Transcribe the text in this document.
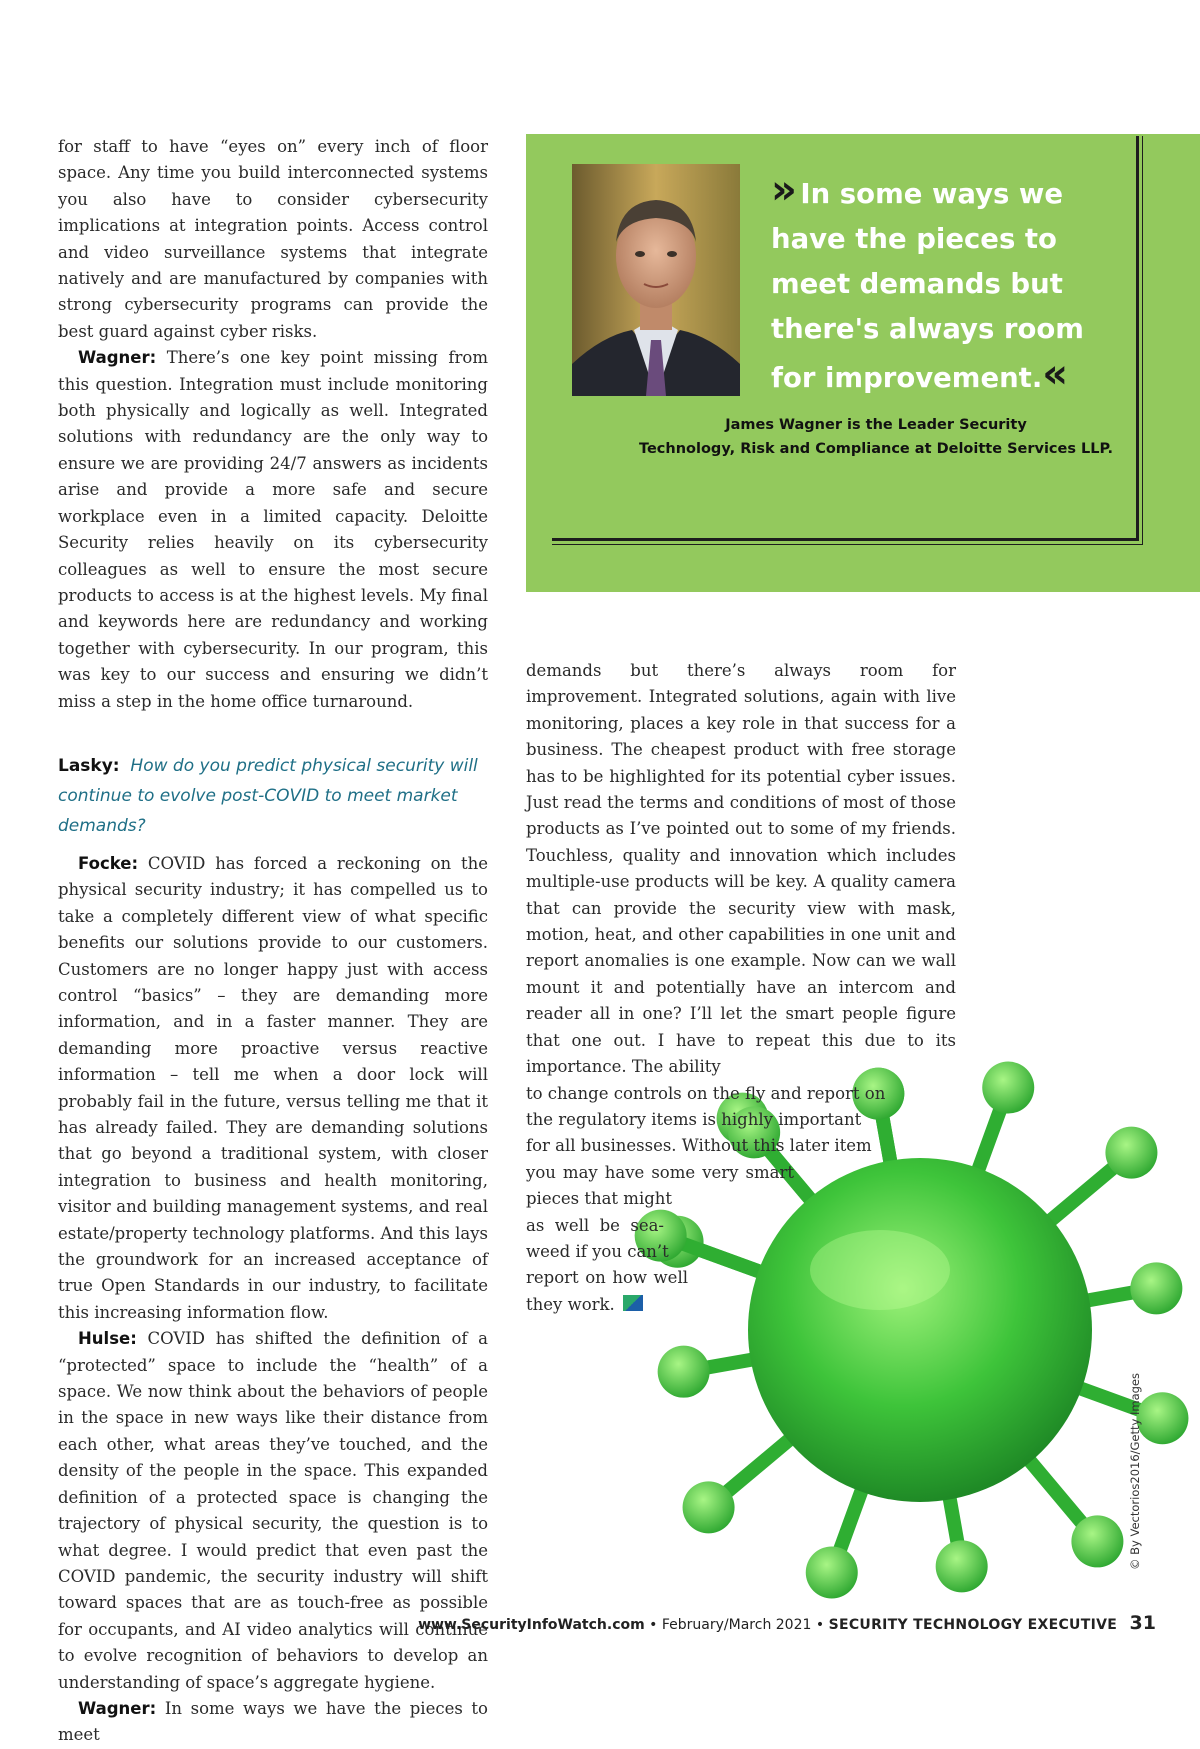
for staff to have “eyes on” every inch of floor space. Any time you build interconnected systems you also have to consider cybersecurity implications at integration points. Access control and video surveillance systems that integrate natively and are manufactured by companies with strong cybersecurity programs can provide the best guard against cyber risks.

Wagner: There’s one key point missing from this question. Integration must include monitoring both physically and logically as well. Integrated solutions with redundancy are the only way to ensure we are providing 24/7 answers as incidents arise and provide a more safe and secure workplace even in a limited capacity. Deloitte Security relies heavily on its cybersecurity colleagues as well to ensure the most secure products to access is at the highest levels. My final and keywords here are redundancy and working together with cybersecurity. In our program, this was key to our success and ensuring we didn’t miss a step in the home office turnaround.

Lasky: How do you predict physical security will continue to evolve post-COVID to meet market demands?

Focke: COVID has forced a reckoning on the physical security industry; it has compelled us to take a completely different view of what specific benefits our solutions provide to our customers. Customers are no longer happy just with access control “basics” – they are demanding more information, and in a faster manner. They are demanding more proactive versus reactive information – tell me when a door lock will probably fail in the future, versus telling me that it has already failed. They are demanding solutions that go beyond a traditional system, with closer integration to business and health monitoring, visitor and building management systems, and real estate/property technology platforms. And this lays the groundwork for an increased acceptance of true Open Standards in our industry, to facilitate this increasing information flow.

Hulse: COVID has shifted the definition of a “protected” space to include the “health” of a space. We now think about the behaviors of people in the space in new ways like their distance from each other, what areas they’ve touched, and the density of the people in the space. This expanded definition of a protected space is changing the trajectory of physical security, the question is to what degree. I would predict that even past the COVID pandemic, the security industry will shift toward spaces that are as touch-free as possible for occupants, and AI video analytics will continue to evolve recognition of behaviors to develop an understanding of space’s aggregate hygiene.

Wagner: In some ways we have the pieces to meet

» In some ways we have the pieces to meet demands but there's always room for improvement.«
James Wagner is the Leader Security
Technology, Risk and Compliance at Deloitte Services LLP.

demands but there’s always room for improvement. Integrated solutions, again with live monitoring, places a key role in that success for a business. The cheapest product with free storage has to be highlighted for its potential cyber issues. Just read the terms and conditions of most of those products as I’ve pointed out to some of my friends. Touchless, quality and innovation which includes multiple-use products will be key. A quality camera that can provide the security view with mask, motion, heat, and other capabilities in one unit and report anomalies is one example. Now can we wall mount it and potentially have an intercom and reader all in one? I’ll let the smart people figure that one out. I have to repeat this due to its importance. The ability

to change controls on the fly and report on

the regulatory items is highly important

for all businesses. Without this later item

you may have some very smart

pieces that might

as well be sea-

weed if you can’t

report on how well

they work.

© By Vectorios2016/Getty Images
www.SecurityInfoWatch.com • February/March 2021 • SECURITY TECHNOLOGY EXECUTIVE 31
